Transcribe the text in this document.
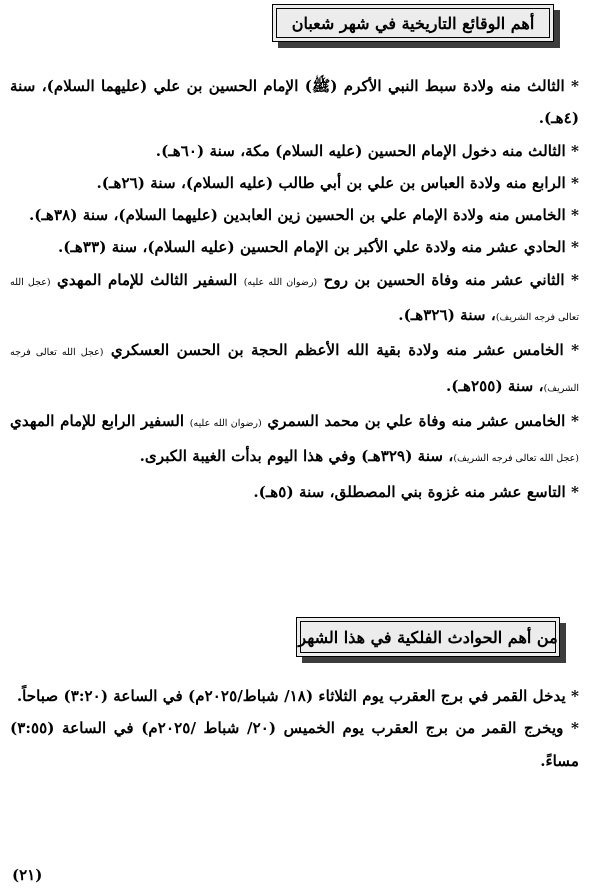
أهم الوقائع التاريخية في شهر شعبان

* الثالث منه ولادة سبط النبي الأكرم (ﷺ) الإمام الحسين بن علي (عليهما السلام)، سنة (٤هـ).

* الثالث منه دخول الإمام الحسين (عليه السلام) مكة، سنة (٦٠هـ).

* الرابع منه ولادة العباس بن علي بن أبي طالب (عليه السلام)، سنة (٢٦هـ).

* الخامس منه ولادة الإمام علي بن الحسين زين العابدين (عليهما السلام)، سنة (٣٨هـ).

* الحادي عشر منه ولادة علي الأكبر بن الإمام الحسين (عليه السلام)، سنة (٣٣هـ).

* الثاني عشر منه وفاة الحسين بن روح (رضوان الله عليه) السفير الثالث للإمام المهدي (عجل الله تعالى فرجه الشريف)، سنة (٣٢٦هـ).

* الخامس عشر منه ولادة بقية الله الأعظم الحجة بن الحسن العسكري (عجل الله تعالى فرجه الشريف)، سنة (٢٥٥هـ).

* الخامس عشر منه وفاة علي بن محمد السمري (رضوان الله عليه) السفير الرابع للإمام المهدي (عجل الله تعالى فرجه الشريف)، سنة (٣٢٩هـ) وفي هذا اليوم بدأت الغيبة الكبرى.

* التاسع عشر منه غزوة بني المصطلق، سنة (٥هـ).

من أهم الحوادث الفلكية في هذا الشهر

* يدخل القمر في برج العقرب يوم الثلاثاء (١٨/ شباط/٢٠٢٥م) في الساعة (٣:٢٠) صباحاً.

* ويخرج القمر من برج العقرب يوم الخميس (٢٠/ شباط /٢٠٢٥م) في الساعة (٣:٥٥) مساءً.

(٢١)
